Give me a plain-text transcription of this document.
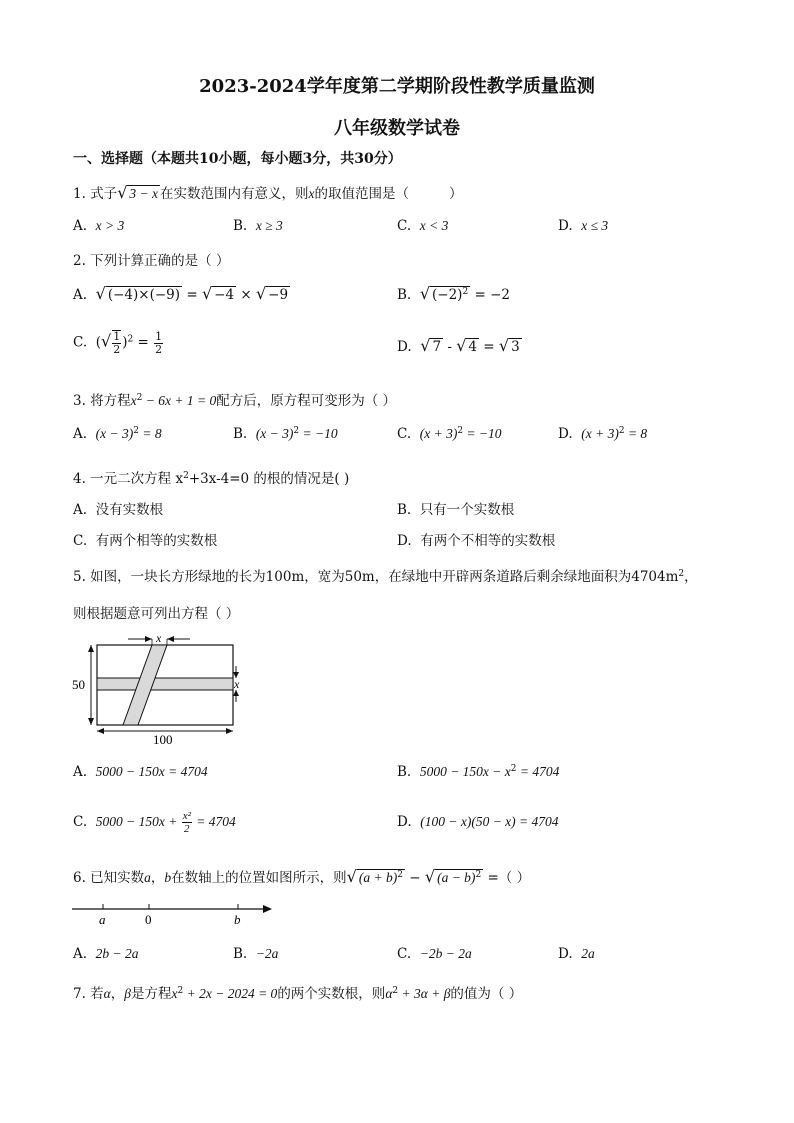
2023-2024学年度第二学期阶段性教学质量监测
八年级数学试卷
一、选择题（本题共10小题，每小题3分，共30分）
1. 式子√ 3 − x 在实数范围内有意义，则x的取值范围是（	）
A. x > 3	B. x ≥ 3	C. x < 3	D. x ≤ 3
2. 下列计算正确的是（ ）
A. √ (−4)×(−9) = √ −4 × √ −9	B. √ $(-2)^2 = -2$
C. (√ $\frac{1}{2} )^2 = \frac{1}{2}$	D. √ 7 - √ 4 = √ 3
3. 将方程$x^2 - 6x + 1 = 0$配方后，原方程可变形为（ ）
A. $(x - 3)^2 = 8$	B. $(x - 3)^2 = -10$	C. $(x + 3)^2 = -10$	D. $(x + 3)^2 = 8$
4. 一元二次方程 $x^2+3x-4=0$ 的根的情况是( )
A. 没有实数根	B. 只有一个实数根
C. 有两个相等的实数根	D. 有两个不相等的实数根
5. 如图，一块长方形绿地的长为100m，宽为50m，在绿地中开辟两条道路后剩余绿地面积为$4704m^2$，
则根据题意可列出方程（ ）
x
x
50
100
A. 5000 − 150x = 4704	B. $5000 - 150x - x^2 = 4704$
C. $5000 - 150x + \frac{\text{x²}}{2} = 4704$	D. (100 − x)(50 − x) = 4704
6. 已知实数a，b在数轴上的位置如图所示，则√ $(a + b)^2$ − √ $(a - b)^2$ =（ ）
a	0	b
A. 2b − 2a	B. −2a	C. −2b − 2a	D. 2a
7. 若α，β是方程$x^2 + 2x - 2024 = 0$的两个实数根，则$\alpha^2 + 3\alpha + \beta$的值为（ ）
